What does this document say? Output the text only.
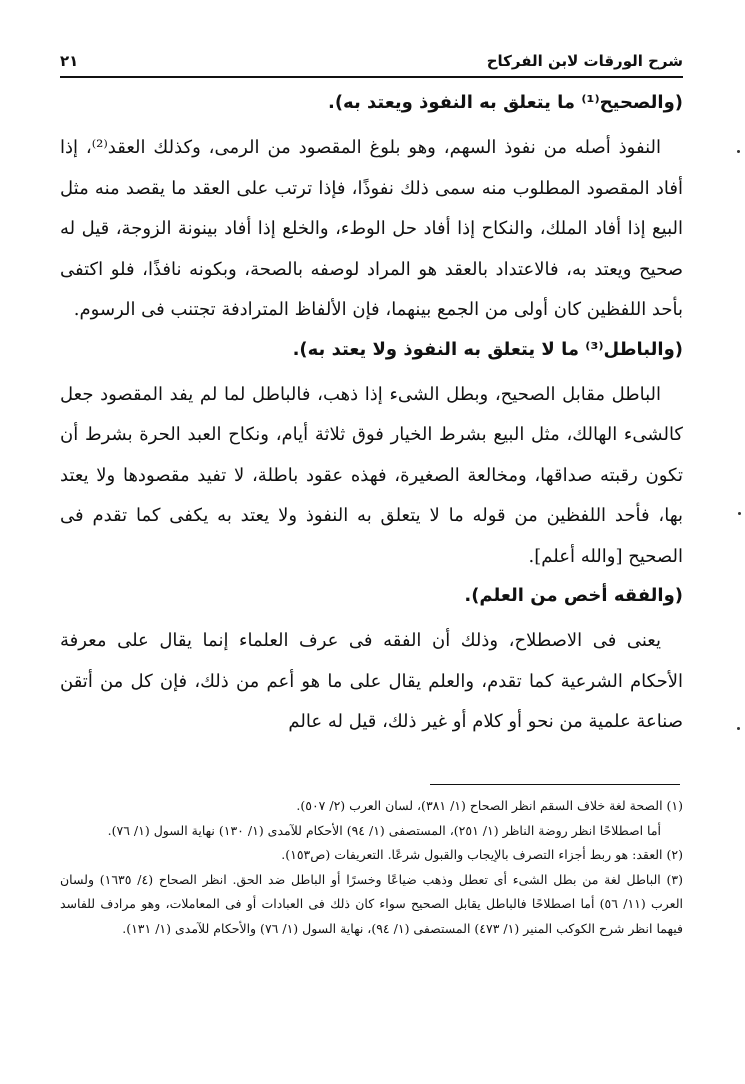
شرح الورقات لابن الفركاح
٢١
(والصحيح⁽¹⁾ ما يتعلق به النفوذ ويعتد به).

النفوذ أصله من نفوذ السهم، وهو بلوغ المقصود من الرمى، وكذلك العقد⁽²⁾، إذا أفاد المقصود المطلوب منه سمى ذلك نفوذًا، فإذا ترتب على العقد ما يقصد منه مثل البيع إذا أفاد الملك، والنكاح إذا أفاد حل الوطء، والخلع إذا أفاد بينونة الزوجة، قيل له صحيح ويعتد به، فالاعتداد بالعقد هو المراد لوصفه بالصحة، وبكونه نافذًا، فلو اكتفى بأحد اللفظين كان أولى من الجمع بينهما، فإن الألفاظ المترادفة تجتنب فى الرسوم.

(والباطل⁽³⁾ ما لا يتعلق به النفوذ ولا يعتد به).

الباطل مقابل الصحيح، وبطل الشىء إذا ذهب، فالباطل لما لم يفد المقصود جعل كالشىء الهالك، مثل البيع بشرط الخيار فوق ثلاثة أيام، ونكاح العبد الحرة بشرط أن تكون رقبته صداقها، ومخالعة الصغيرة، فهذه عقود باطلة، لا تفيد مقصودها ولا يعتد بها، فأحد اللفظين من قوله ما لا يتعلق به النفوذ ولا يعتد به يكفى كما تقدم فى الصحيح [والله أعلم].

(والفقه أخص من العلم).

يعنى فى الاصطلاح، وذلك أن الفقه فى عرف العلماء إنما يقال على معرفة الأحكام الشرعية كما تقدم، والعلم يقال على ما هو أعم من ذلك، فإن كل من أتقن صناعة علمية من نحو أو كلام أو غير ذلك، قيل له عالم

(١) الصحة لغة خلاف السقم انظر الصحاح (١/ ٣٨١)، لسان العرب (٢/ ٥٠٧).

أما اصطلاحًا انظر روضة الناظر (١/ ٢٥١)، المستصفى (١/ ٩٤) الأحكام للآمدى (١/ ١٣٠) نهاية السول (١/ ٧٦).

(٢) العقد: هو ربط أجزاء التصرف بالإيجاب والقبول شرعًا. التعريفات (ص١٥٣).

(٣) الباطل لغة من بطل الشىء أى تعطل وذهب ضياعًا وخسرًا أو الباطل ضد الحق. انظر الصحاح (٤/ ١٦٣٥) ولسان العرب (١١/ ٥٦) أما اصطلاحًا فالباطل يقابل الصحيح سواء كان ذلك فى العبادات أو فى المعاملات، وهو مرادف للفاسد فيهما انظر شرح الكوكب المنير (١/ ٤٧٣) المستصفى (١/ ٩٤)، نهاية السول (١/ ٧٦) والأحكام للآمدى (١/ ١٣١).
